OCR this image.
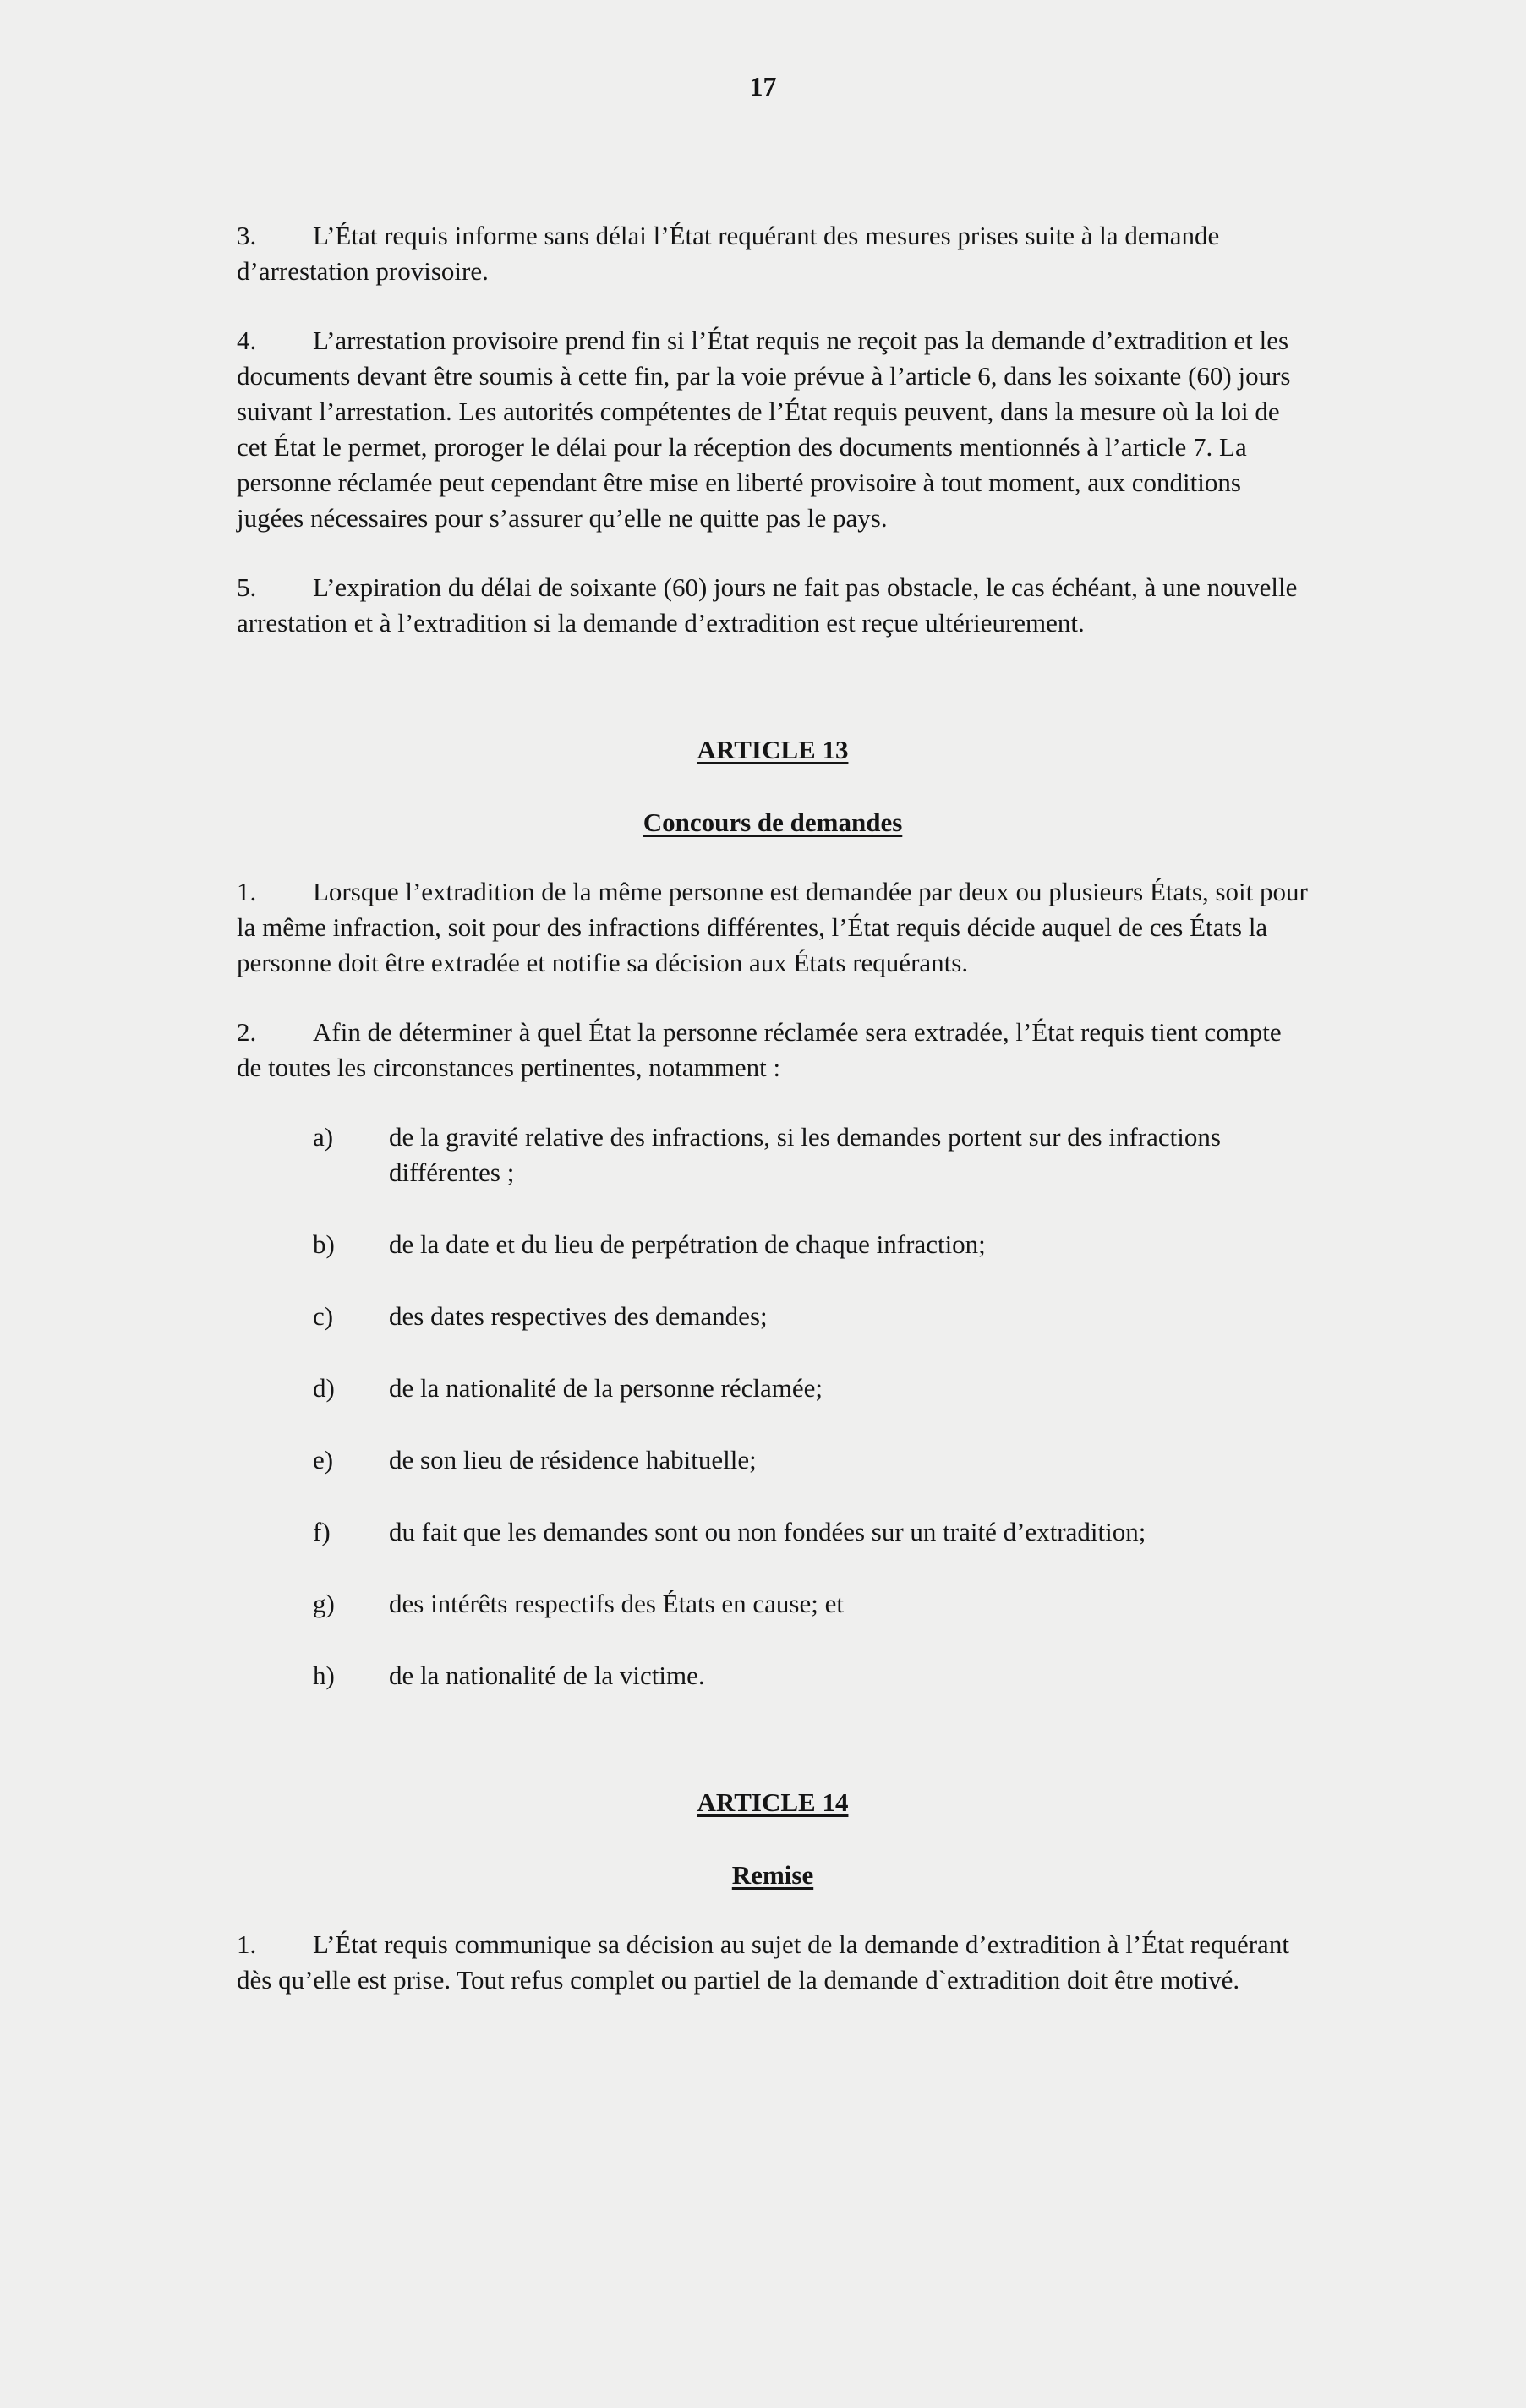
17

3. L’État requis informe sans délai l’État requérant des mesures prises suite à la demande d’arrestation provisoire.

4. L’arrestation provisoire prend fin si l’État requis ne reçoit pas la demande d’extradition et les documents devant être soumis à cette fin, par la voie prévue à l’article 6, dans les soixante (60) jours suivant l’arrestation. Les autorités compétentes de l’État requis peuvent, dans la mesure où la loi de cet État le permet, proroger le délai pour la réception des documents mentionnés à l’article 7. La personne réclamée peut cependant être mise en liberté provisoire à tout moment, aux conditions jugées nécessaires pour s’assurer qu’elle ne quitte pas le pays.

5. L’expiration du délai de soixante (60) jours ne fait pas obstacle, le cas échéant, à une nouvelle arrestation et à l’extradition si la demande d’extradition est reçue ultérieurement.

ARTICLE 13
Concours de demandes

1. Lorsque l’extradition de la même personne est demandée par deux ou plusieurs États, soit pour la même infraction, soit pour des infractions différentes, l’État requis décide auquel de ces États la personne doit être extradée et notifie sa décision aux États requérants.

2. Afin de déterminer à quel État la personne réclamée sera extradée, l’État requis tient compte de toutes les circonstances pertinentes, notamment :

a)	de la gravité relative des infractions, si les demandes portent sur des infractions différentes ;
b)	de la date et du lieu de perpétration de chaque infraction;
c)	des dates respectives des demandes;
d)	de la nationalité de la personne réclamée;
e)	de son lieu de résidence habituelle;
f)	du fait que les demandes sont ou non fondées sur un traité d’extradition;
g)	des intérêts respectifs des États en cause; et
h)	de la nationalité de la victime.
ARTICLE 14
Remise

1. L’État requis communique sa décision au sujet de la demande d’extradition à l’État requérant dès qu’elle est prise. Tout refus complet ou partiel de la demande d`extradition doit être motivé.
